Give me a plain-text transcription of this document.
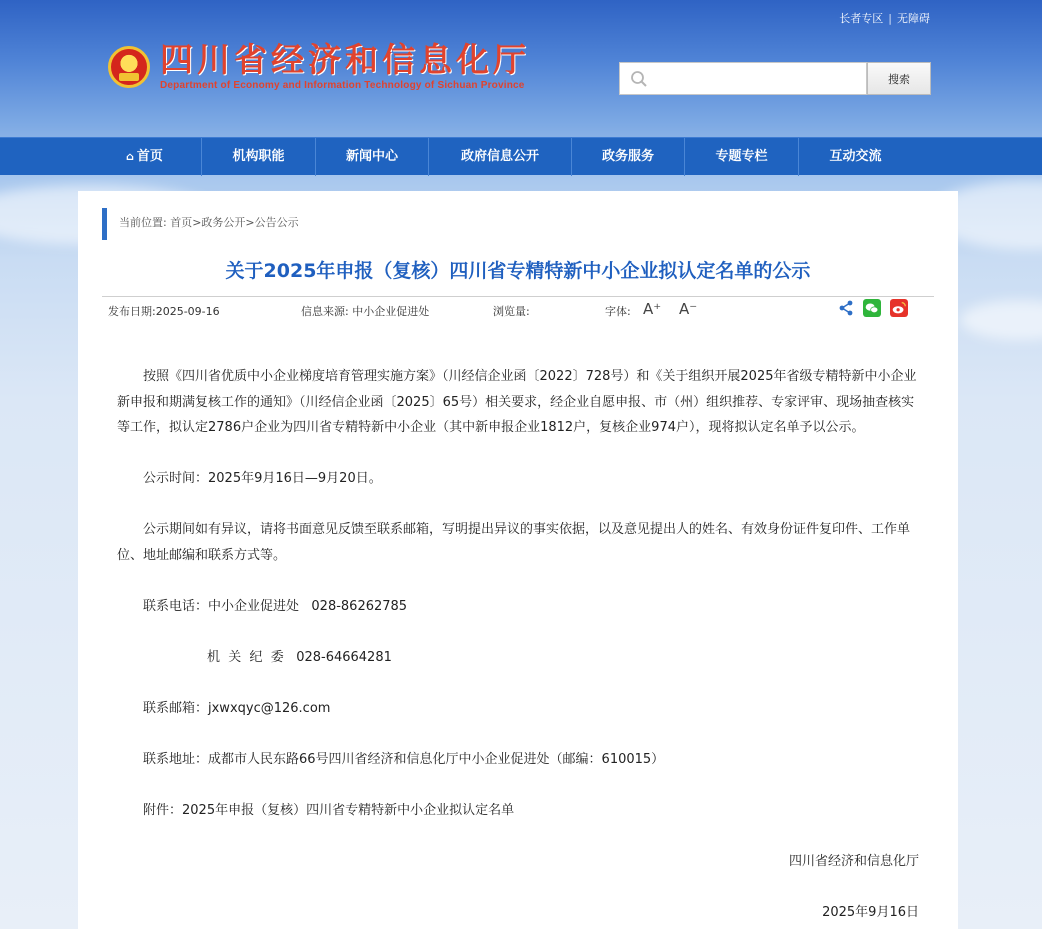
长者专区 | 无障碍
四川省经济和信息化厅
Department of Economy and Information Technology of Sichuan Province	搜索
⌂ 首页	机构职能	新闻中心	政府信息公开	政务服务	专题专栏	互动交流
当前位置: 首页>政务公开>公告公示
关于2025年申报（复核）四川省专精特新中小企业拟认定名单的公示
发布日期:2025-09-16	信息来源: 中小企业促进处	浏览量:	字体: A⁺ A⁻
按照《四川省优质中小企业梯度培育管理实施方案》（川经信企业函〔2022〕728号）和《关于组织开展2025年省级专精特新中小企业新申报和期满复核工作的通知》（川经信企业函〔2025〕65号）相关要求，经企业自愿申报、市（州）组织推荐、专家评审、现场抽查核实等工作，拟认定2786户企业为四川省专精特新中小企业（其中新申报企业1812户，复核企业974户），现将拟认定名单予以公示。
公示时间：2025年9月16日—9月20日。
公示期间如有异议，请将书面意见反馈至联系邮箱，写明提出异议的事实依据，以及意见提出人的姓名、有效身份证件复印件、工作单位、地址邮编和联系方式等。
联系电话：中小企业促进处   028-86262785
机  关  纪  委   028-64664281
联系邮箱：jxwxqyc@126.com
联系地址：成都市人民东路66号四川省经济和信息化厅中小企业促进处（邮编：610015）
附件：2025年申报（复核）四川省专精特新中小企业拟认定名单
四川省经济和信息化厅
2025年9月16日
